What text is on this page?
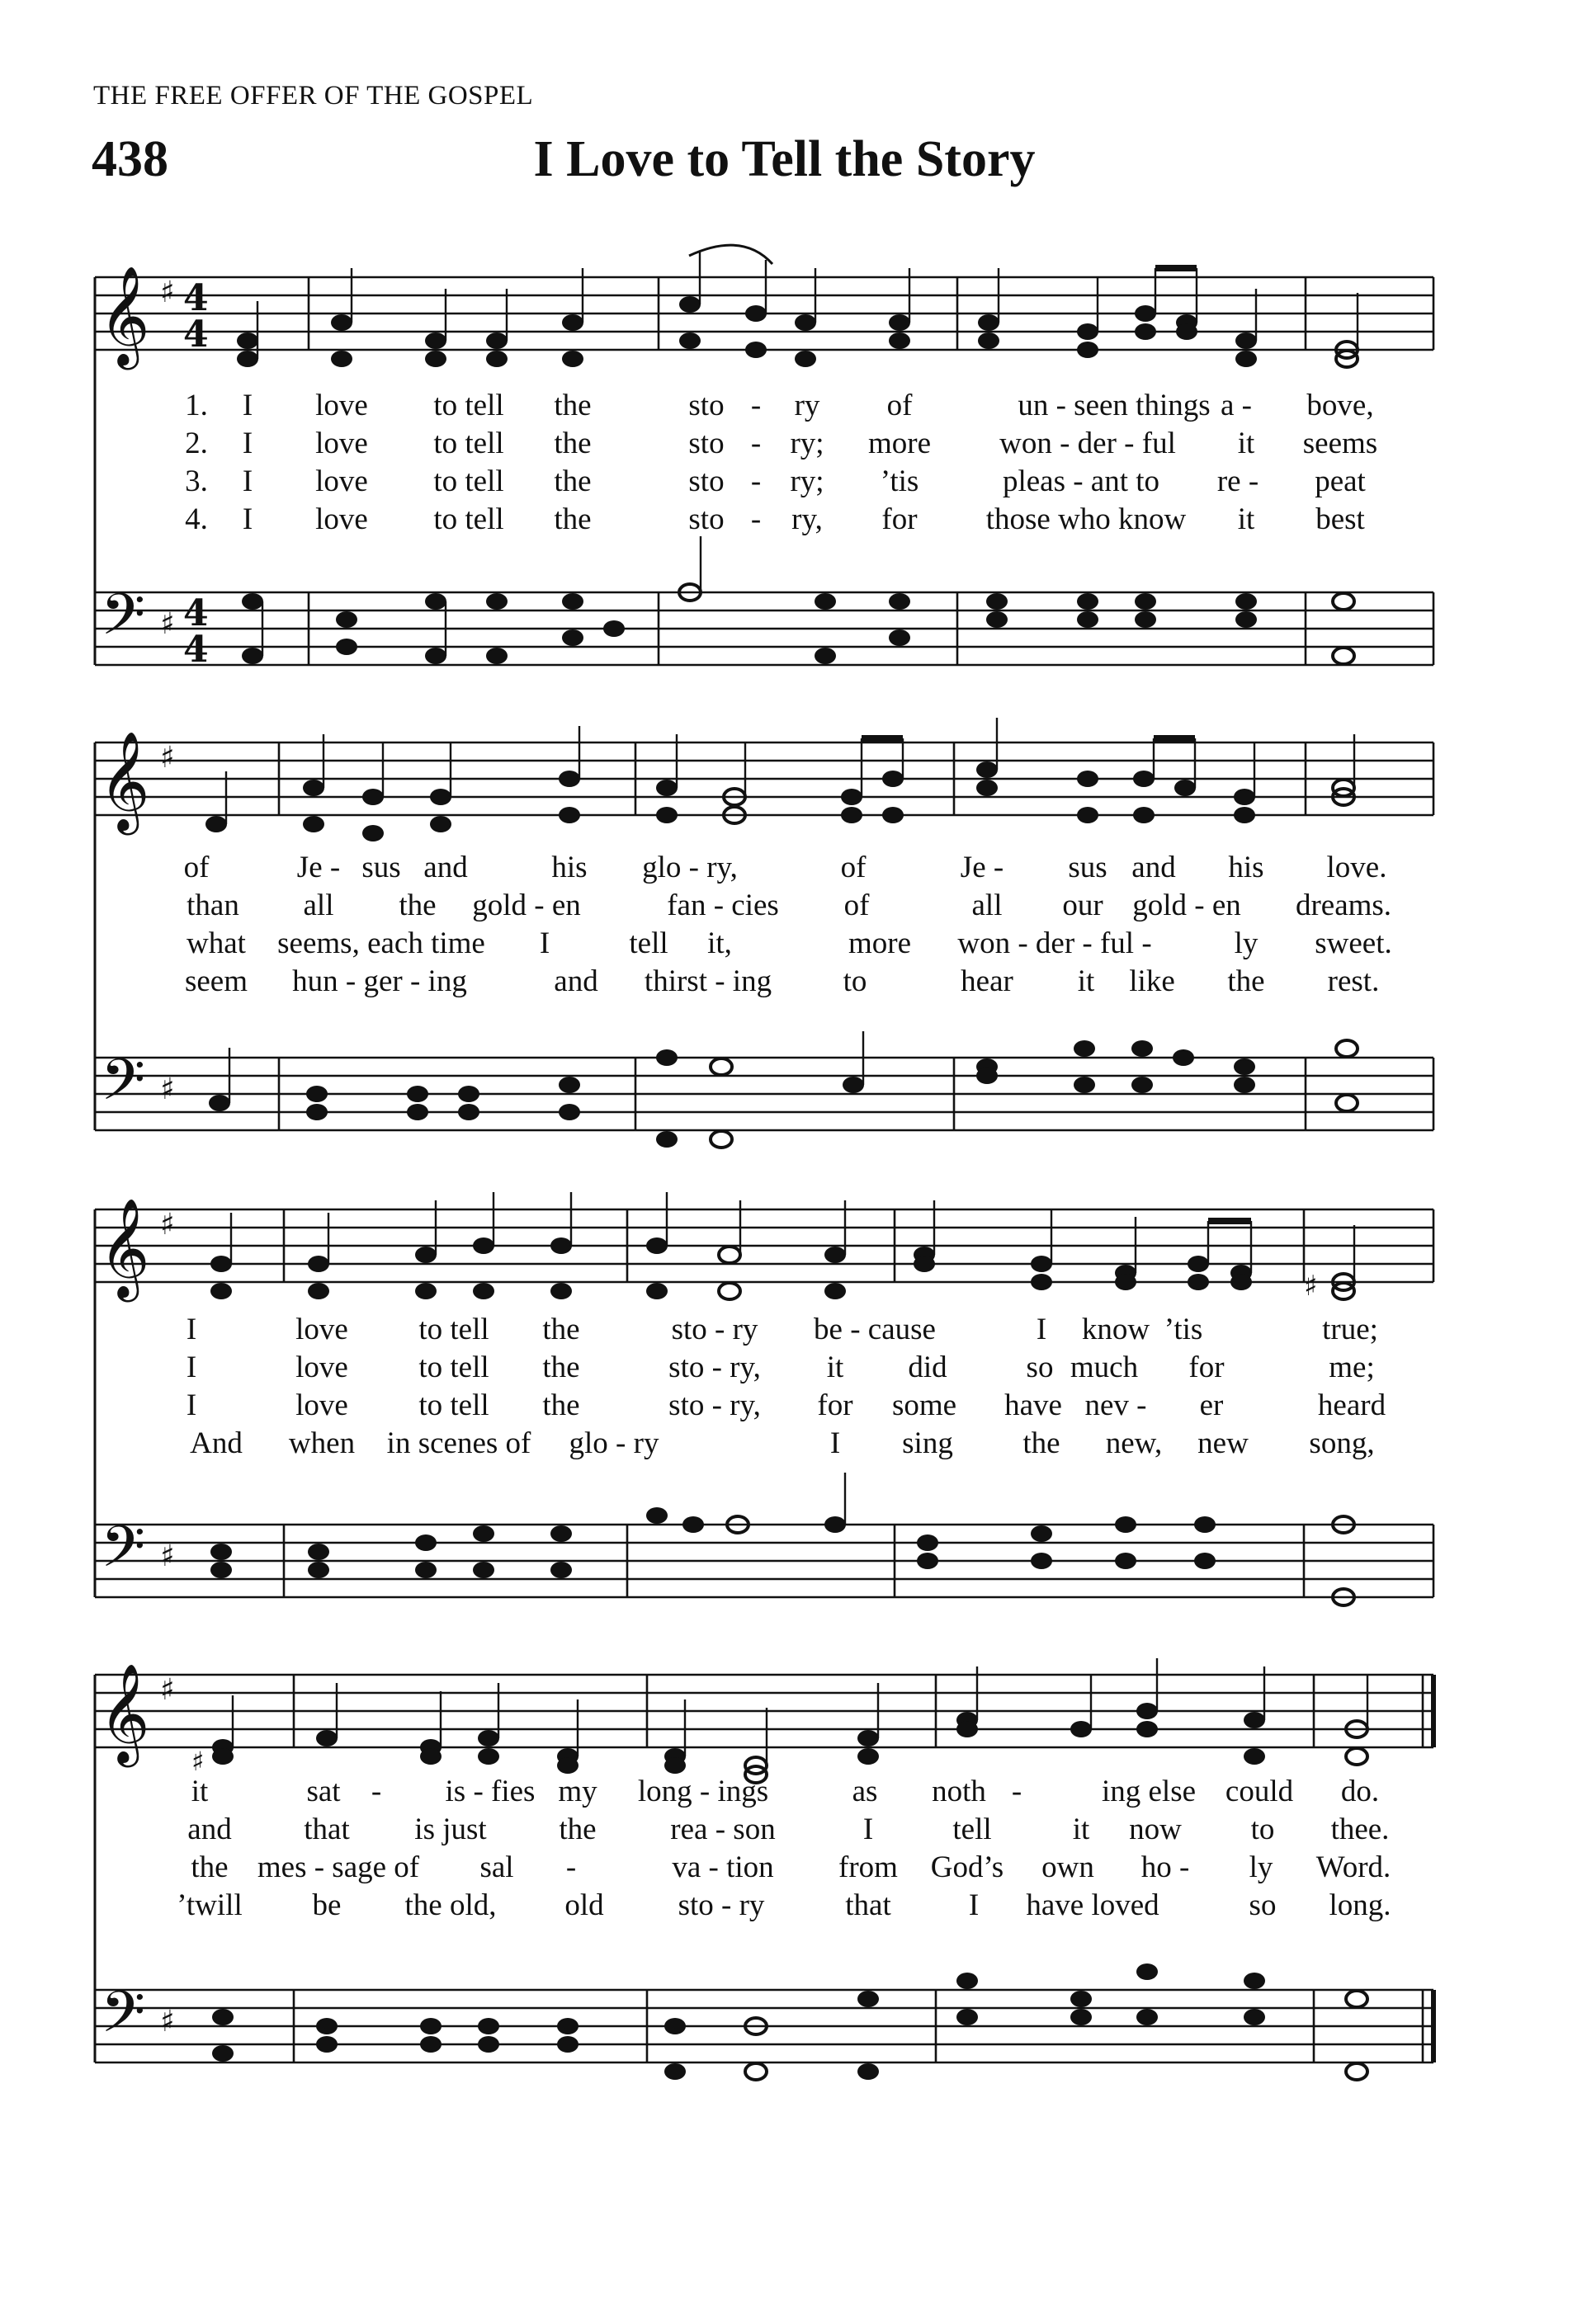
THE FREE OFFER OF THE GOSPEL
438	I Love to Tell the Story
𝄞
𝄢
♯
♯
4
4
4
4
𝄞
𝄢
♯
♯
𝄞
𝄢
♯
♯
♯
𝄞
𝄢
♯
♯
♯
1. I love to tell the	sto - ry of	un - seen things a - bove,
2. I love to tell the	sto - ry; more won - der - ful it seems
3. I love to tell the	sto - ry; ’tis	pleas - ant to re - peat
4. I love to tell the	sto - ry, for those who know it best
of	Je - sus and	his glo - ry,	of	Je - sus and his love.
than all the gold - en	fan - cies of	all our gold - en dreams.
what seems, each time I	tell it,	more won - der - ful -	ly sweet.
seem hun - ger - ing	and thirst - ing to	hear it like the rest.
I	love to tell the	sto - ry be - cause	I know ’tis	true;
I	love to tell the	sto - ry, it did	so much for	me;
I	love to tell the	sto - ry, for some have nev - er	heard
And when in scenes of glo - ry	I sing the new, new song,
it	sat - is - fies my long - ings	as noth -	ing else could do.
and that is just the rea - son	I	tell	it now to thee.
the mes - sage of sal -	va - tion from God’s own ho - ly Word.
’twill be the old, old sto - ry	that	I have loved	so long.
